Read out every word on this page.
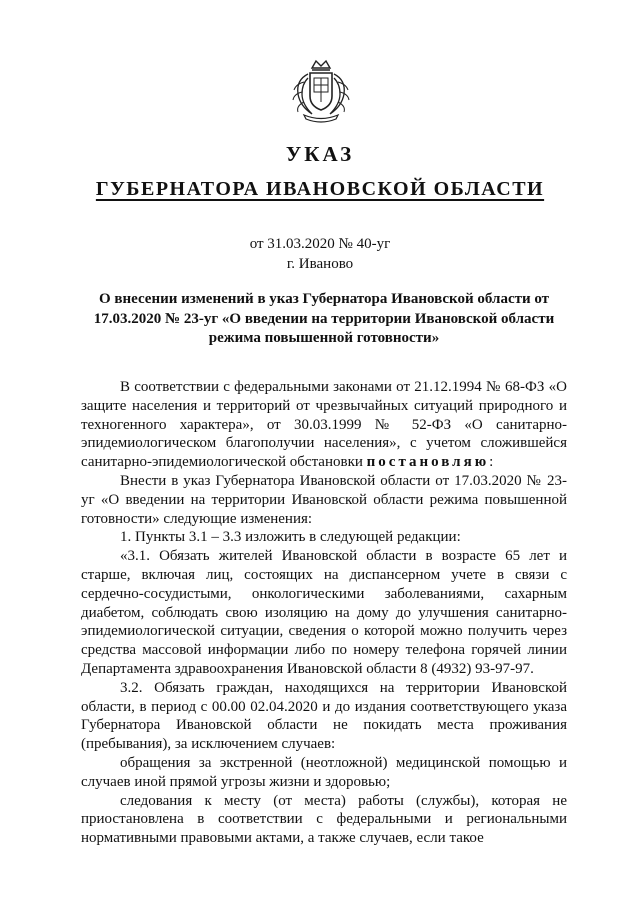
УКАЗ
ГУБЕРНАТОРА ИВАНОВСКОЙ ОБЛАСТИ
от 31.03.2020 № 40-уг
г. Иваново
О внесении изменений в указ Губернатора Ивановской области от 17.03.2020 № 23-уг «О введении на территории Ивановской области режима повышенной готовности»

В соответствии с федеральными законами от 21.12.1994 № 68-ФЗ «О защите населения и территорий от чрезвычайных ситуаций природного и техногенного характера», от 30.03.1999 № 52-ФЗ «О санитарно-эпидемиологическом благополучии населения», с учетом сложившейся санитарно-эпидемиологической обстановки постановляю:

Внести в указ Губернатора Ивановской области от 17.03.2020 № 23-уг «О введении на территории Ивановской области режима повышенной готовности» следующие изменения:

1. Пункты 3.1 – 3.3 изложить в следующей редакции:

«3.1. Обязать жителей Ивановской области в возрасте 65 лет и старше, включая лиц, состоящих на диспансерном учете в связи с сердечно-сосудистыми, онкологическими заболеваниями, сахарным диабетом, соблюдать свою изоляцию на дому до улучшения санитарно-эпидемиологической ситуации, сведения о которой можно получить через средства массовой информации либо по номеру телефона горячей линии Департамента здравоохранения Ивановской области 8 (4932) 93-97-97.

3.2. Обязать граждан, находящихся на территории Ивановской области, в период с 00.00 02.04.2020 и до издания соответствующего указа Губернатора Ивановской области не покидать места проживания (пребывания), за исключением случаев:

обращения за экстренной (неотложной) медицинской помощью и случаев иной прямой угрозы жизни и здоровью;

следования к месту (от места) работы (службы), которая не приостановлена в соответствии с федеральными и региональными нормативными правовыми актами, а также случаев, если такое
